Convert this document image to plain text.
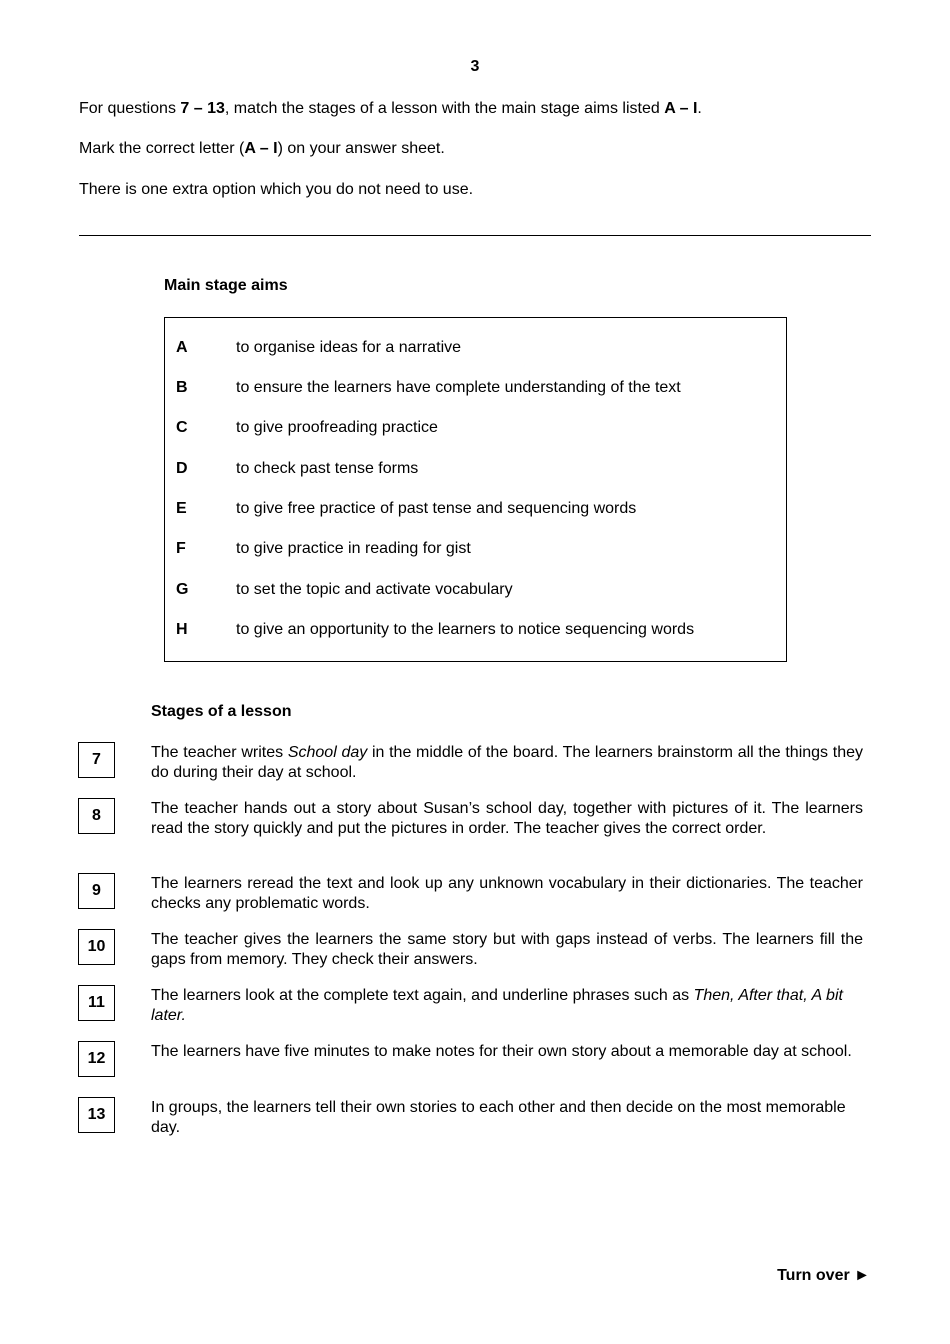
3
For questions 7 – 13, match the stages of a lesson with the main stage aims listed A – I.
Mark the correct letter (A – I) on your answer sheet.
There is one extra option which you do not need to use.
Main stage aims
A	to organise ideas for a narrative
B	to ensure the learners have complete understanding of the text
C	to give proofreading practice
D	to check past tense forms
E	to give free practice of past tense and sequencing words
F	to give practice in reading for gist
G	to set the topic and activate vocabulary
H	to give an opportunity to the learners to notice sequencing words
Stages of a lesson
7	The teacher writes School day in the middle of the board. The learners brainstorm all the things they do during their day at school.
8	The teacher hands out a story about Susan’s school day, together with pictures of it. The learners read the story quickly and put the pictures in order. The teacher gives the correct order.
9	The learners reread the text and look up any unknown vocabulary in their dictionaries. The teacher checks any problematic words.
10	The teacher gives the learners the same story but with gaps instead of verbs. The learners fill the gaps from memory. They check their answers.
11	The learners look at the complete text again, and underline phrases such as Then, After that, A bit later.
12	The learners have five minutes to make notes for their own story about a memorable day at school.
13	In groups, the learners tell their own stories to each other and then decide on the most memorable day.
Turn over ►
